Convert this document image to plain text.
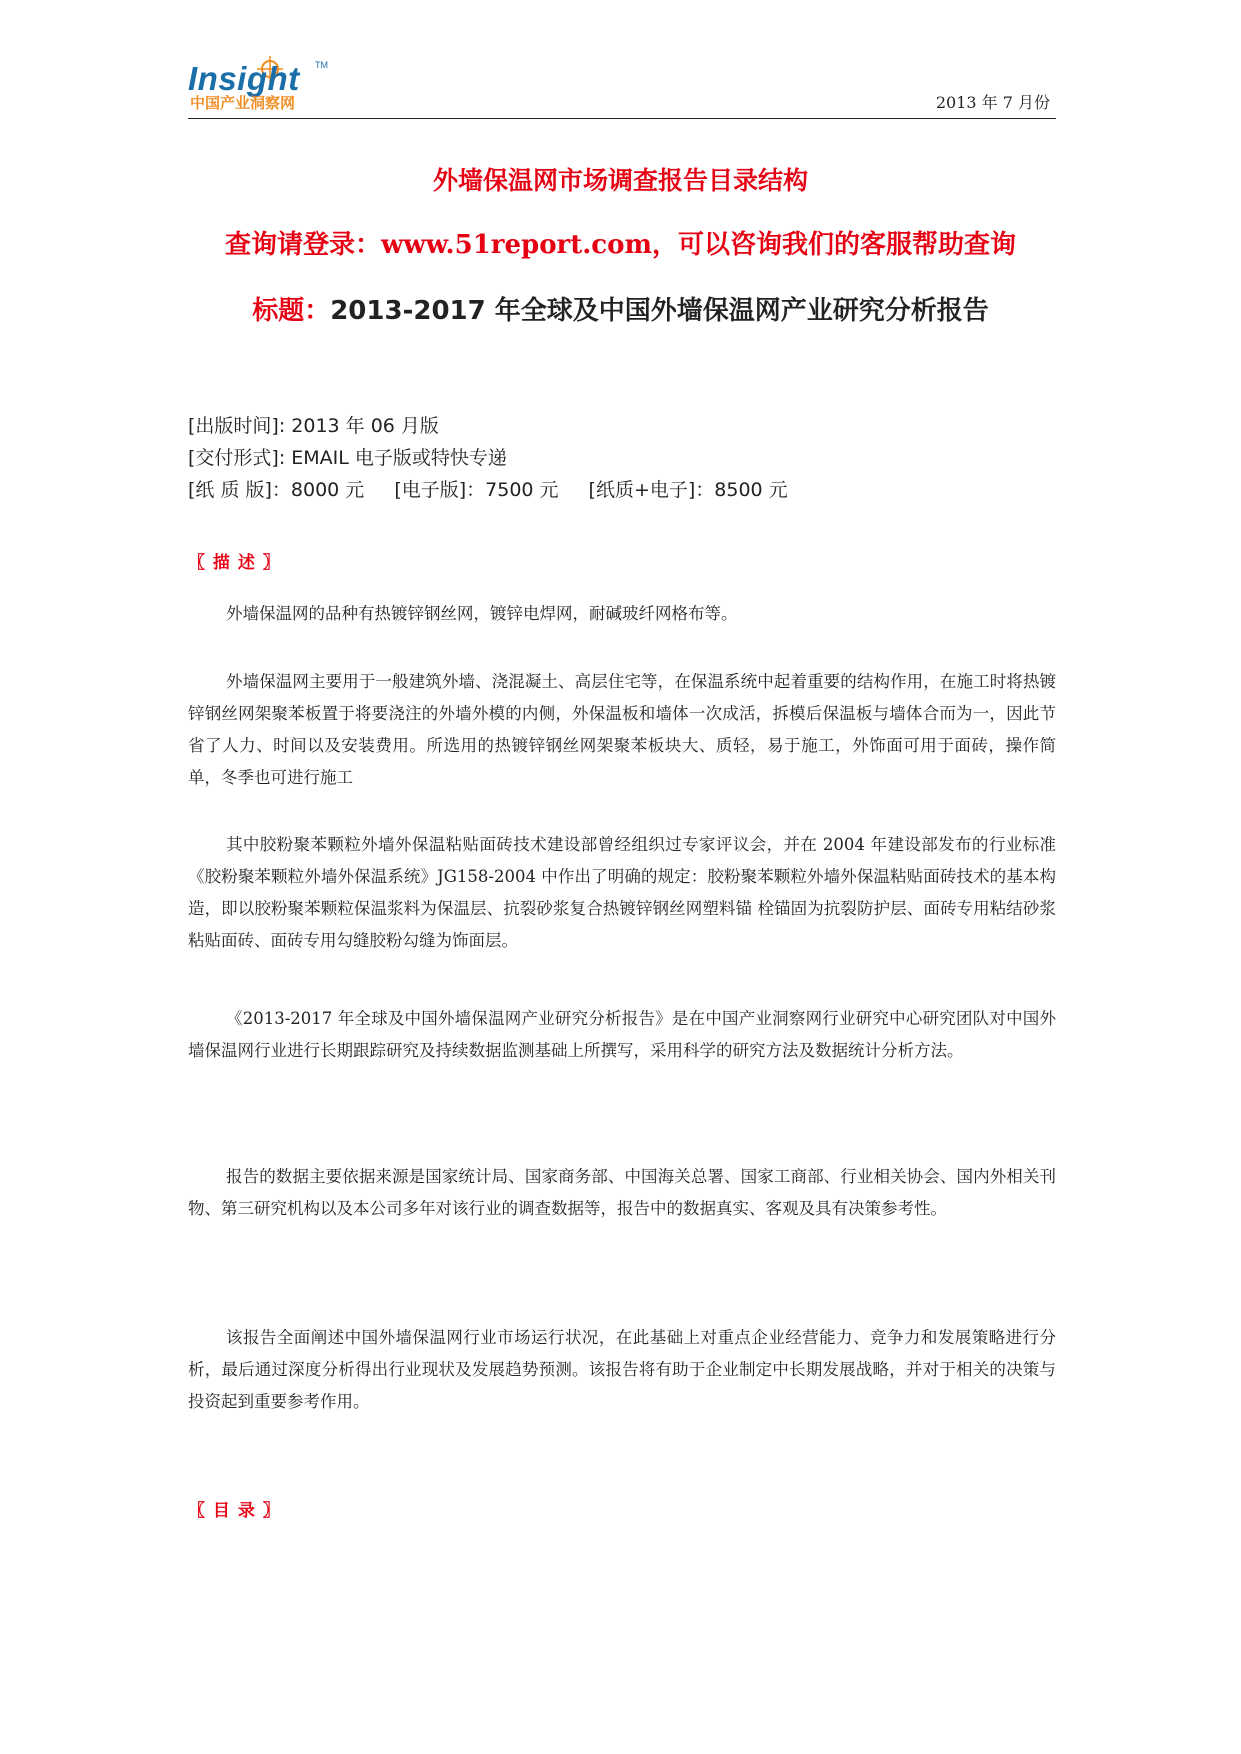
Insight TM
中国产业洞察网	2013 年 7 月份
外墙保温网市场调查报告目录结构
查询请登录：www.51report.com，可以咨询我们的客服帮助查询
标题：2013-2017 年全球及中国外墙保温网产业研究分析报告
[出版时间]: 2013 年 06 月版
[交付形式]: EMAIL 电子版或特快专递
[纸 质 版]：8000 元 [电子版]：7500 元 [纸质+电子]：8500 元
〖 描 述 〗

外墙保温网的品种有热镀锌钢丝网，镀锌电焊网，耐碱玻纤网格布等。

外墙保温网主要用于一般建筑外墙、浇混凝土、高层住宅等，在保温系统中起着重要的结构作用，在施工时将热镀锌钢丝网架聚苯板置于将要浇注的外墙外模的内侧，外保温板和墙体一次成活，拆模后保温板与墙体合而为一，因此节省了人力、时间以及安装费用。所选用的热镀锌钢丝网架聚苯板块大、质轻，易于施工，外饰面可用于面砖，操作简单，冬季也可进行施工

其中胶粉聚苯颗粒外墙外保温粘贴面砖技术建设部曾经组织过专家评议会，并在 2004 年建设部发布的行业标准《胶粉聚苯颗粒外墙外保温系统》JG158-2004 中作出了明确的规定：胶粉聚苯颗粒外墙外保温粘贴面砖技术的基本构造，即以胶粉聚苯颗粒保温浆料为保温层、抗裂砂浆复合热镀锌钢丝网塑料锚 栓锚固为抗裂防护层、面砖专用粘结砂浆粘贴面砖、面砖专用勾缝胶粉勾缝为饰面层。

《2013-2017 年全球及中国外墙保温网产业研究分析报告》是在中国产业洞察网行业研究中心研究团队对中国外墙保温网行业进行长期跟踪研究及持续数据监测基础上所撰写，采用科学的研究方法及数据统计分析方法。

报告的数据主要依据来源是国家统计局、国家商务部、中国海关总署、国家工商部、行业相关协会、国内外相关刊物、第三研究机构以及本公司多年对该行业的调查数据等，报告中的数据真实、客观及具有决策参考性。

该报告全面阐述中国外墙保温网行业市场运行状况，在此基础上对重点企业经营能力、竞争力和发展策略进行分析，最后通过深度分析得出行业现状及发展趋势预测。该报告将有助于企业制定中长期发展战略，并对于相关的决策与投资起到重要参考作用。

〖 目 录 〗
